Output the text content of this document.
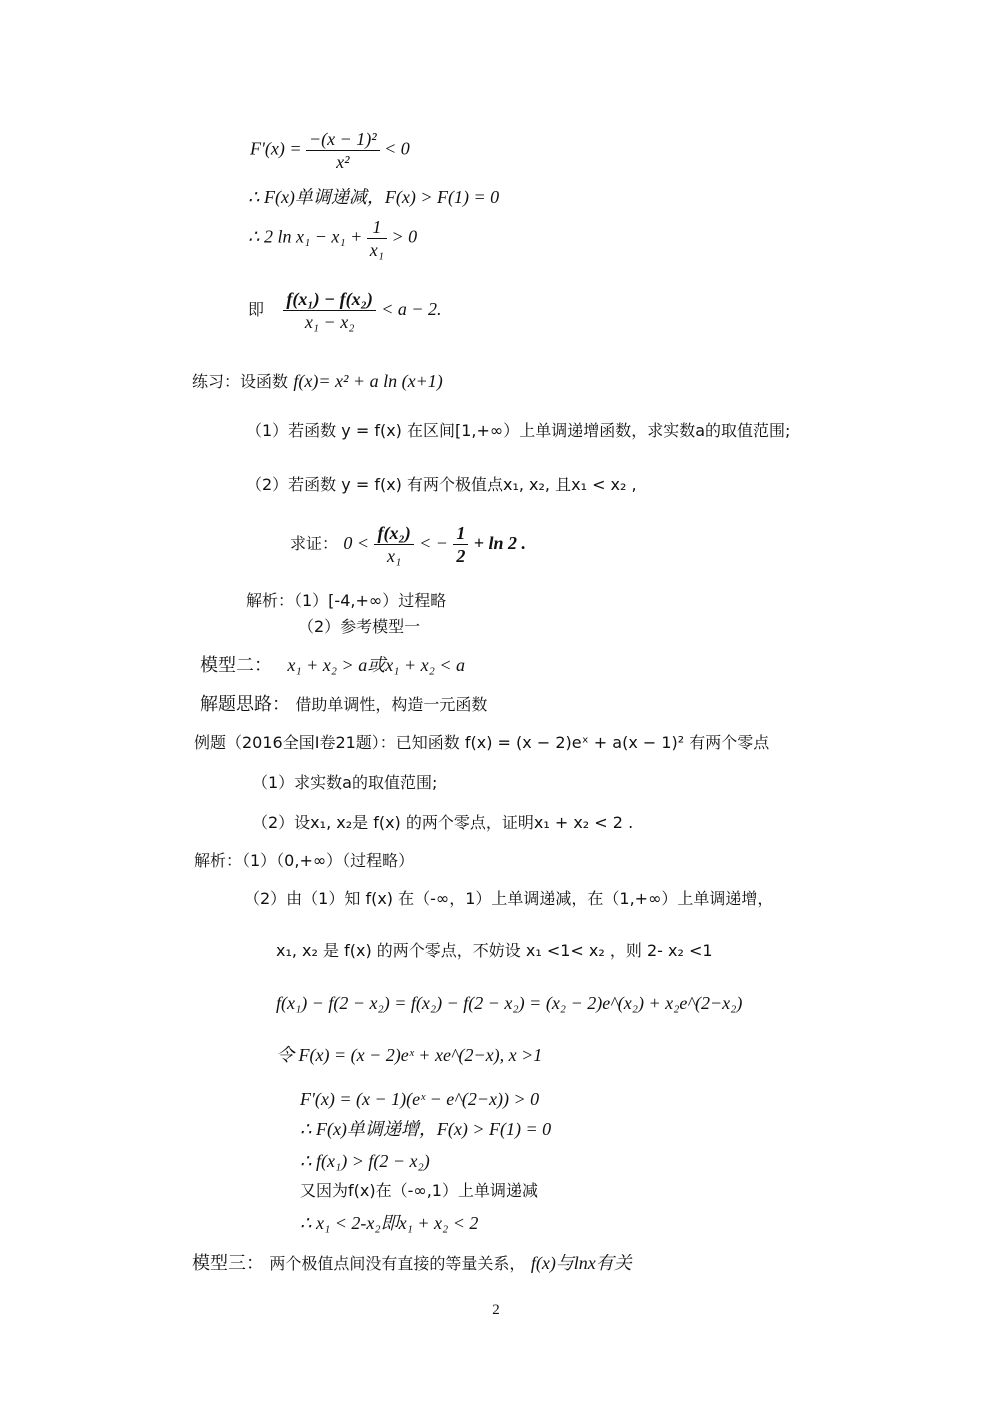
$F'(x) = \frac{\text{−(x − 1)²}}{\text{x²}} < 0$
∴ F(x)单调递减，F(x) > F(1) = 0
∴ 2 $\ln x_1 - x_1 + \frac{1}{\text{x₁}} > 0$
即 $\frac{\text{f(x₁) − f(x₂)}}{\text{x₁ − x₂}} < a - 2$.
练习：设函数 f(x)= x² + a ln (x+1)
（1）若函数 y = f(x) 在区间[1,+∞）上单调递增函数，求实数a的取值范围;
（2）若函数 y = f(x) 有两个极值点x₁, x₂, 且x₁ < x₂ ,
求证： $0 < \frac{\text{f(x₂)}}{\text{x₁}}$ < − $\frac{1}{2} + \ln 2$ .
解析：（1）[-4,+∞）过程略
（2）参考模型一
模型二： x₁ + x₂ > a或x₁ + x₂ < a
解题思路： 借助单调性，构造一元函数
例题（2016全国Ⅰ卷21题）：已知函数 f(x) = (x − 2)eˣ + a(x − 1)² 有两个零点
（1）求实数a的取值范围;
（2）设x₁, x₂是 f(x) 的两个零点，证明x₁ + x₂ < 2 .
解析：（1）（0,+∞）（过程略）
（2）由（1）知 f(x) 在（-∞，1）上单调递减，在（1,+∞）上单调递增，
x₁, x₂ 是 f(x) 的两个零点，不妨设 x₁ <1< x₂ ，则 2- x₂ <1
f(x₁) − f(2 − x₂) = f(x₂) − f(2 − x₂) = (x₂ − 2)e^(x₂) + x₂e^(2−x₂)
令 F(x) = (x − 2)eˣ + xe^(2−x), x >1
F'(x) = (x − 1)(eˣ − e^(2−x)) > 0
∴ F(x)单调递增，F(x) > F(1) = 0
∴ f(x₁) > f(2 − x₂)
又因为f(x)在（-∞,1）上单调递减
∴ x₁ < 2-x₂即x₁ + x₂ < 2
模型三： 两个极值点间没有直接的等量关系， f(x)与lnx有关
2
